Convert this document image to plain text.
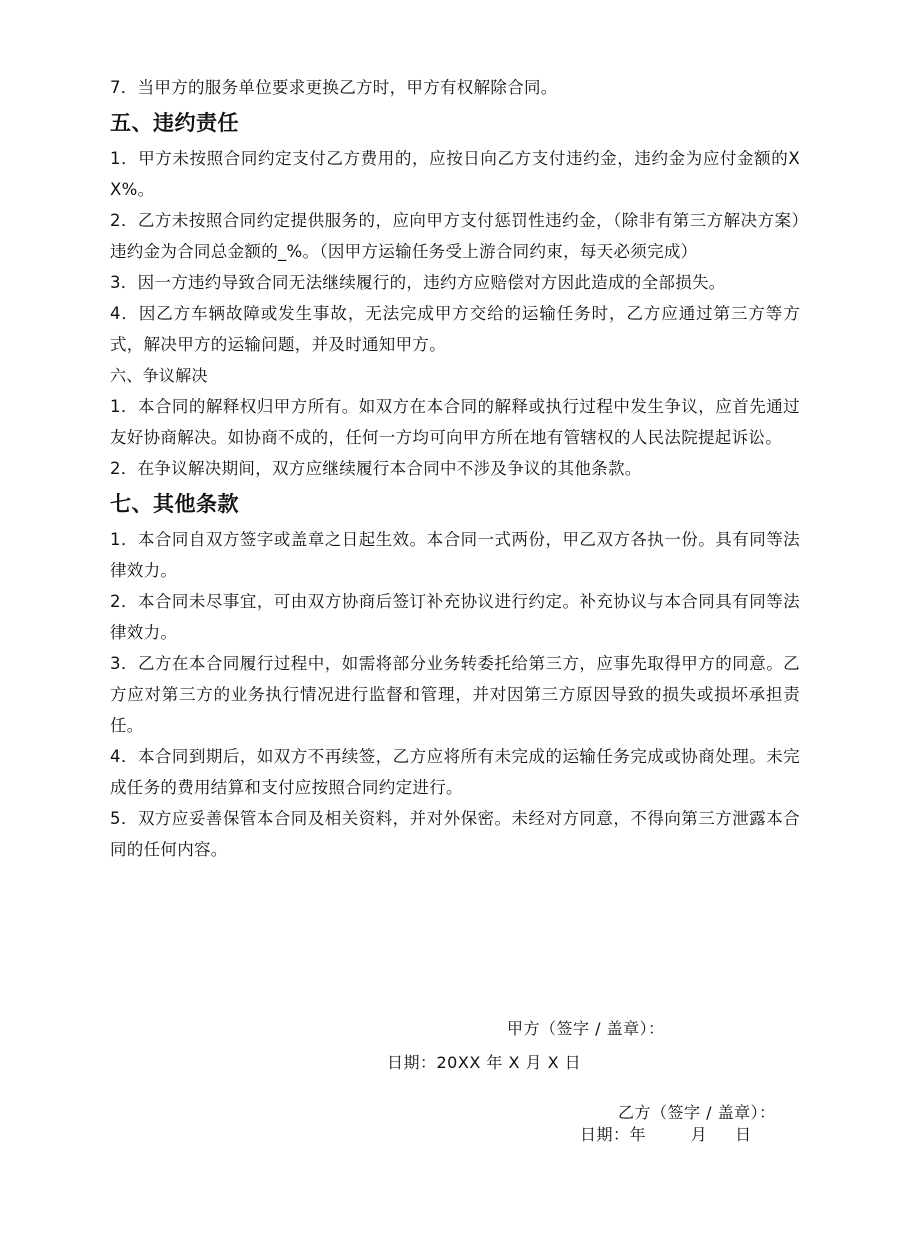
7．当甲方的服务单位要求更换乙方时，甲方有权解除合同。

五、违约责任

1．甲方未按照合同约定支付乙方费用的，应按日向乙方支付违约金，违约金为应付金额的XX%。

2．乙方未按照合同约定提供服务的，应向甲方支付惩罚性违约金，（除非有第三方解决方案）违约金为合同总金额的_%。（因甲方运输任务受上游合同约束，每天必须完成）

3．因一方违约导致合同无法继续履行的，违约方应赔偿对方因此造成的全部损失。

4．因乙方车辆故障或发生事故，无法完成甲方交给的运输任务时，乙方应通过第三方等方式，解决甲方的运输问题，并及时通知甲方。

六、争议解决

1．本合同的解释权归甲方所有。如双方在本合同的解释或执行过程中发生争议，应首先通过友好协商解决。如协商不成的，任何一方均可向甲方所在地有管辖权的人民法院提起诉讼。

2．在争议解决期间，双方应继续履行本合同中不涉及争议的其他条款。

七、其他条款

1．本合同自双方签字或盖章之日起生效。本合同一式两份，甲乙双方各执一份。具有同等法律效力。

2．本合同未尽事宜，可由双方协商后签订补充协议进行约定。补充协议与本合同具有同等法律效力。

3．乙方在本合同履行过程中，如需将部分业务转委托给第三方，应事先取得甲方的同意。乙方应对第三方的业务执行情况进行监督和管理，并对因第三方原因导致的损失或损坏承担责任。

4．本合同到期后，如双方不再续签，乙方应将所有未完成的运输任务完成或协商处理。未完成任务的费用结算和支付应按照合同约定进行。

5．双方应妥善保管本合同及相关资料，并对外保密。未经对方同意，不得向第三方泄露本合同的任何内容。

甲方（签字 / 盖章）：
日期：20XX 年 X 月 X 日
乙方（签字 / 盖章）：
日期：年        月     日
